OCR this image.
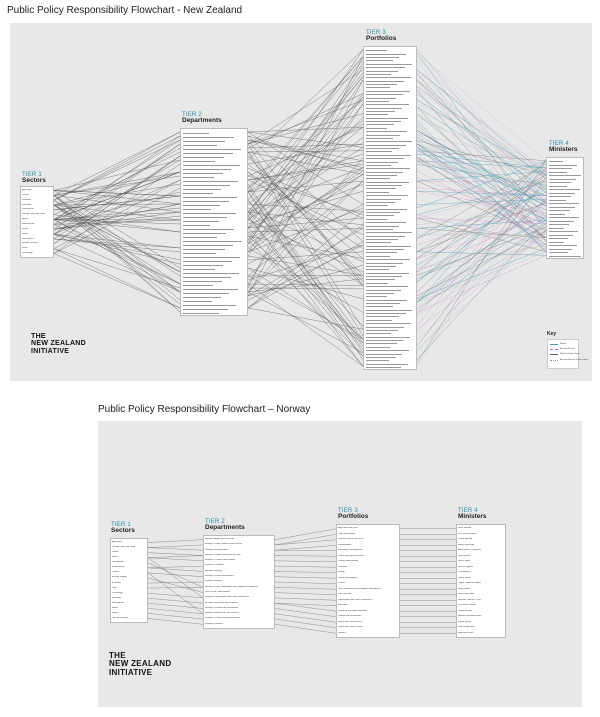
Public Policy Responsibility Flowchart - New Zealand
TIER 1
Sectors
Agriculture
Culture
Economic
Education
Environment
Foreign Policy and Trade
Health
Infrastructure
Justice
Labour
Maori Affairs
National Security
Social
Technology
TIER 2
Departments
TIER 3
Portfolios
TIER 4
Ministers
THE
NEW ZEALAND
INITIATIVE
Key
Minister
Associate Minister
Minister Outside Cabinet
Associate Minister Outside Cabinet
Public Policy Responsibility Flowchart – Norway
TIER 1
Sectors
Agriculture
Foreign Policy and Trade
Labour
Social
Construction
Infrastructure
Culture
Ministry Support
Economic
Sami
Technology
Education
Environment
Health
Justice
National Security
TIER 2
Departments
Ministry of Agriculture and Food
Ministry of Trade, Industry and Fisheries
Ministry of Foreign Affairs
Ministry of Labour and Social Inclusion
Ministry of Children and Families
Ministry of Transport
Ministry of Energy
Ministry of Culture and Equality
Ministry of Finance
Ministry of Local Government and Regional Development
Office of the Prime Minister
Ministry of Digitalisation and Public Governance
Ministry of Education and Research
Ministry of Climate and Environment
Ministry of Health and Care Services
Ministry of Justice and Public Security
Ministry of Defence
TIER 3
Portfolios
Agriculture and Food
Trade and Industry
Fisheries and Ocean Policy
Foreign Affairs
International Development
Labour and Social Inclusion
Children and Families
Transport
Energy
Culture and Equality
Finance
Local Government and Regional Development
Prime Minister
Digitalisation and Public Governance
Education
Research and Higher Education
Climate and Environment
Health and Care Services
Justice and Public Security
Defence
TIER 4
Ministers
Geir Pollestad
Jan Christian Vestre
Cecilie Myrseth
Espen Barth Eide
Anne Beathe Tvinnereim
Tonje Brenna
Kjersti Toppe
Jon-Ivar Nygård
Terje Aasland
Lubna Jaffery
Trygve Slagsvold Vedum
Erling Sande
Jonas Gahr Støre
Karianne Oldernes Tung
Kari Nessa Nordtun
Oddmund Hoel
Andreas Bjelland Eriksen
Ingvild Kjerkol
Emilie Enger Mehl
Bjørn Arild Gram
THE
NEW ZEALAND
INITIATIVE
